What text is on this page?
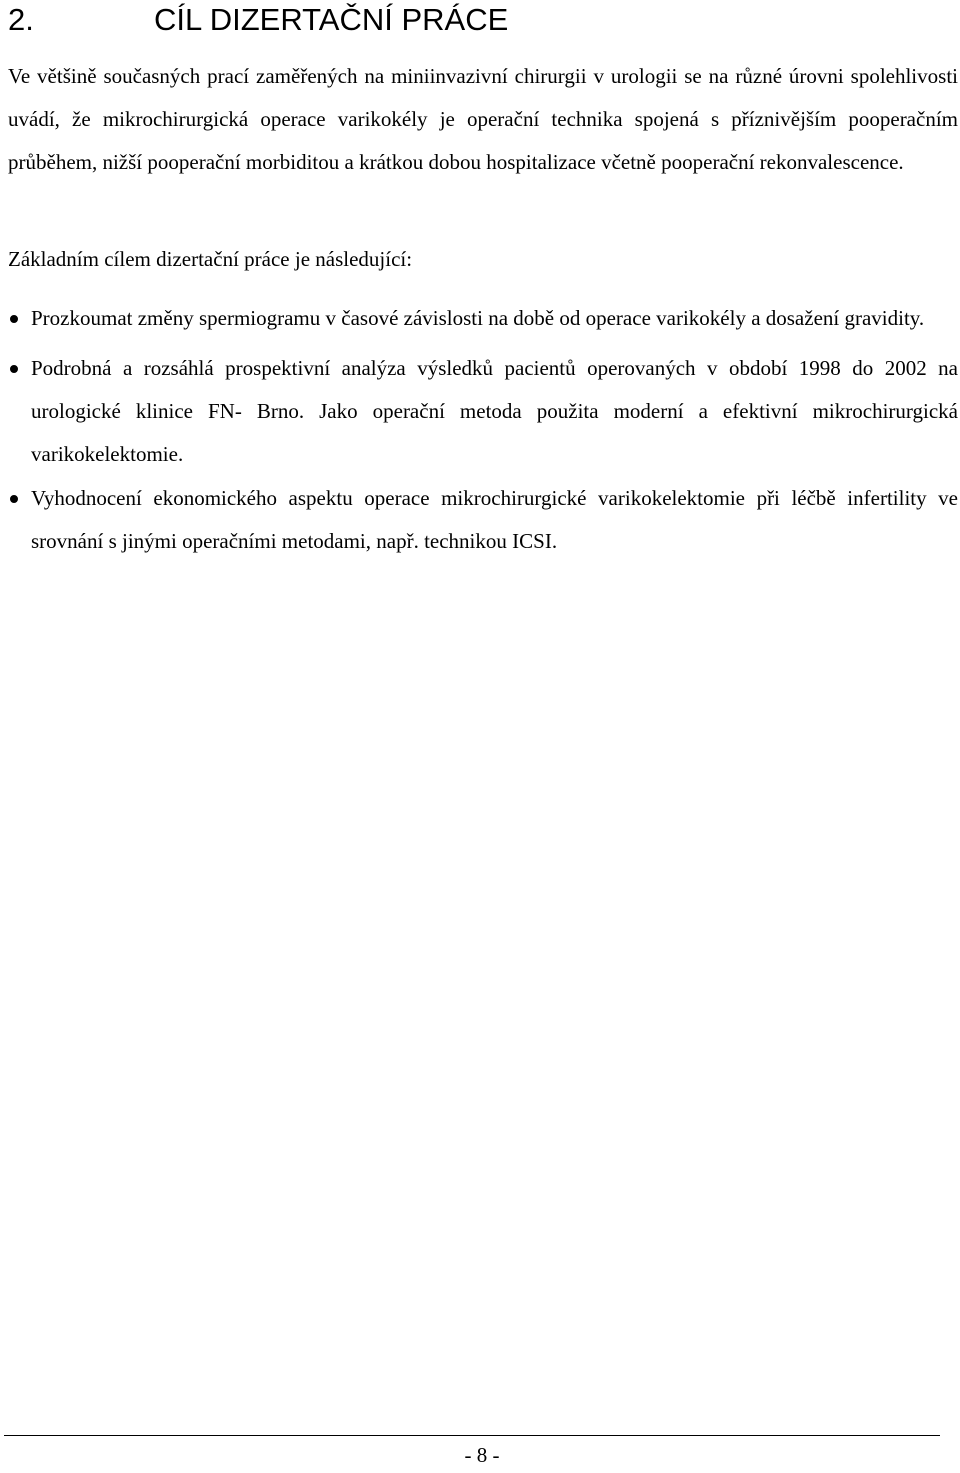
2.	CÍL DIZERTAČNÍ PRÁCE

Ve většině současných prací zaměřených na miniinvazivní chirurgii v urologii se na různé úrovni spolehlivosti uvádí, že mikrochirurgická operace varikokély je operační technika spojená s příznivějším pooperačním průběhem, nižší pooperační morbiditou a krátkou dobou hospitalizace včetně pooperační rekonvalescence.

Základním cílem dizertační práce je následující:

Prozkoumat změny spermiogramu v časové závislosti na době od operace varikokély a dosažení gravidity.
Podrobná a rozsáhlá prospektivní analýza výsledků pacientů operovaných v období 1998 do 2002 na urologické klinice FN- Brno. Jako operační metoda použita moderní a efektivní mikrochirurgická varikokelektomie.
Vyhodnocení ekonomického aspektu operace mikrochirurgické varikokelektomie při léčbě infertility ve srovnání s jinými operačními metodami, např. technikou ICSI.
- 8 -
